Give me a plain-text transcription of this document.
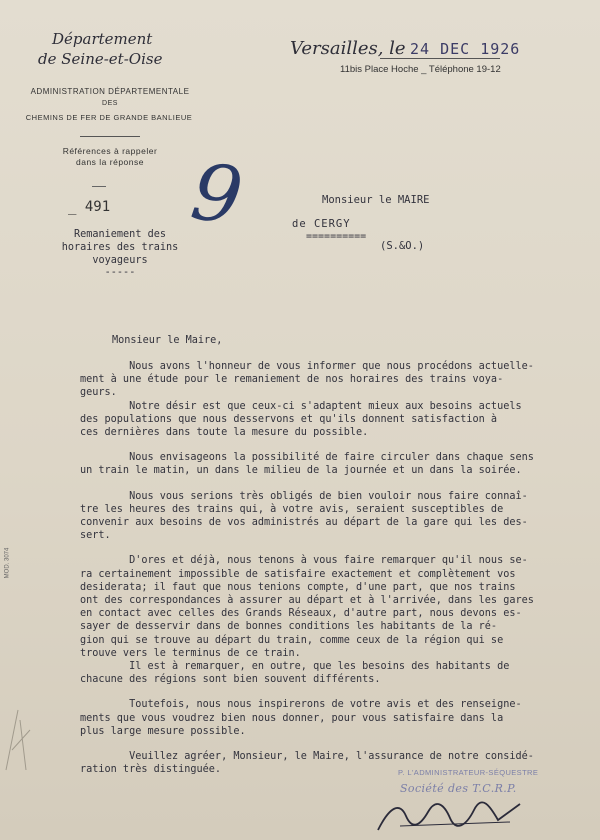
Département
de Seine-et-Oise
ADMINISTRATION DÉPARTEMENTALE
DES
CHEMINS DE FER DE GRANDE BANLIEUE
Références à rappeler
dans la réponse
Versailles, le 24 DEC 1926
11bis Place Hoche _ Téléphone 19-12
_ 491
Remaniement des
horaires des trains
voyageurs
-----
9	Monsieur le MAIRE
de CERGY
==========
(S.&O.)
Monsieur le Maire,
Nous avons l'honneur de vous informer que nous procédons actuelle-
ment à une étude pour le remaniement de nos horaires des trains voya-
geurs.
Notre désir est que ceux-ci s'adaptent mieux aux besoins actuels
des populations que nous desservons et qu'ils donnent satisfaction à
ces dernières dans toute la mesure du possible.
Nous envisageons la possibilité de faire circuler dans chaque sens
un train le matin, un dans le milieu de la journée et un dans la soirée.
Nous vous serions très obligés de bien vouloir nous faire connaî-
tre les heures des trains qui, à votre avis, seraient susceptibles de
convenir aux besoins de vos administrés au départ de la gare qui les des-
sert.
D'ores et déjà, nous tenons à vous faire remarquer qu'il nous se-
ra certainement impossible de satisfaire exactement et complètement vos
desiderata; il faut que nous tenions compte, d'une part, que nos trains
ont des correspondances à assurer au départ et à l'arrivée, dans les gares
en contact avec celles des Grands Réseaux, d'autre part, nous devons es-
sayer de desservir dans de bonnes conditions les habitants de la ré-
gion qui se trouve au départ du train, comme ceux de la région qui se
trouve vers le terminus de ce train.
Il est à remarquer, en outre, que les besoins des habitants de
chacune des régions sont bien souvent différents.
Toutefois, nous nous inspirerons de votre avis et des renseigne-
ments que vous voudrez bien nous donner, pour vous satisfaire dans la
plus large mesure possible.
Veuillez agréer, Monsieur, le Maire, l'assurance de notre considé-
ration très distinguée.	P. L'ADMINISTRATEUR-SÉQUESTRE
Société des T.C.R.P.
MOD. 3074
